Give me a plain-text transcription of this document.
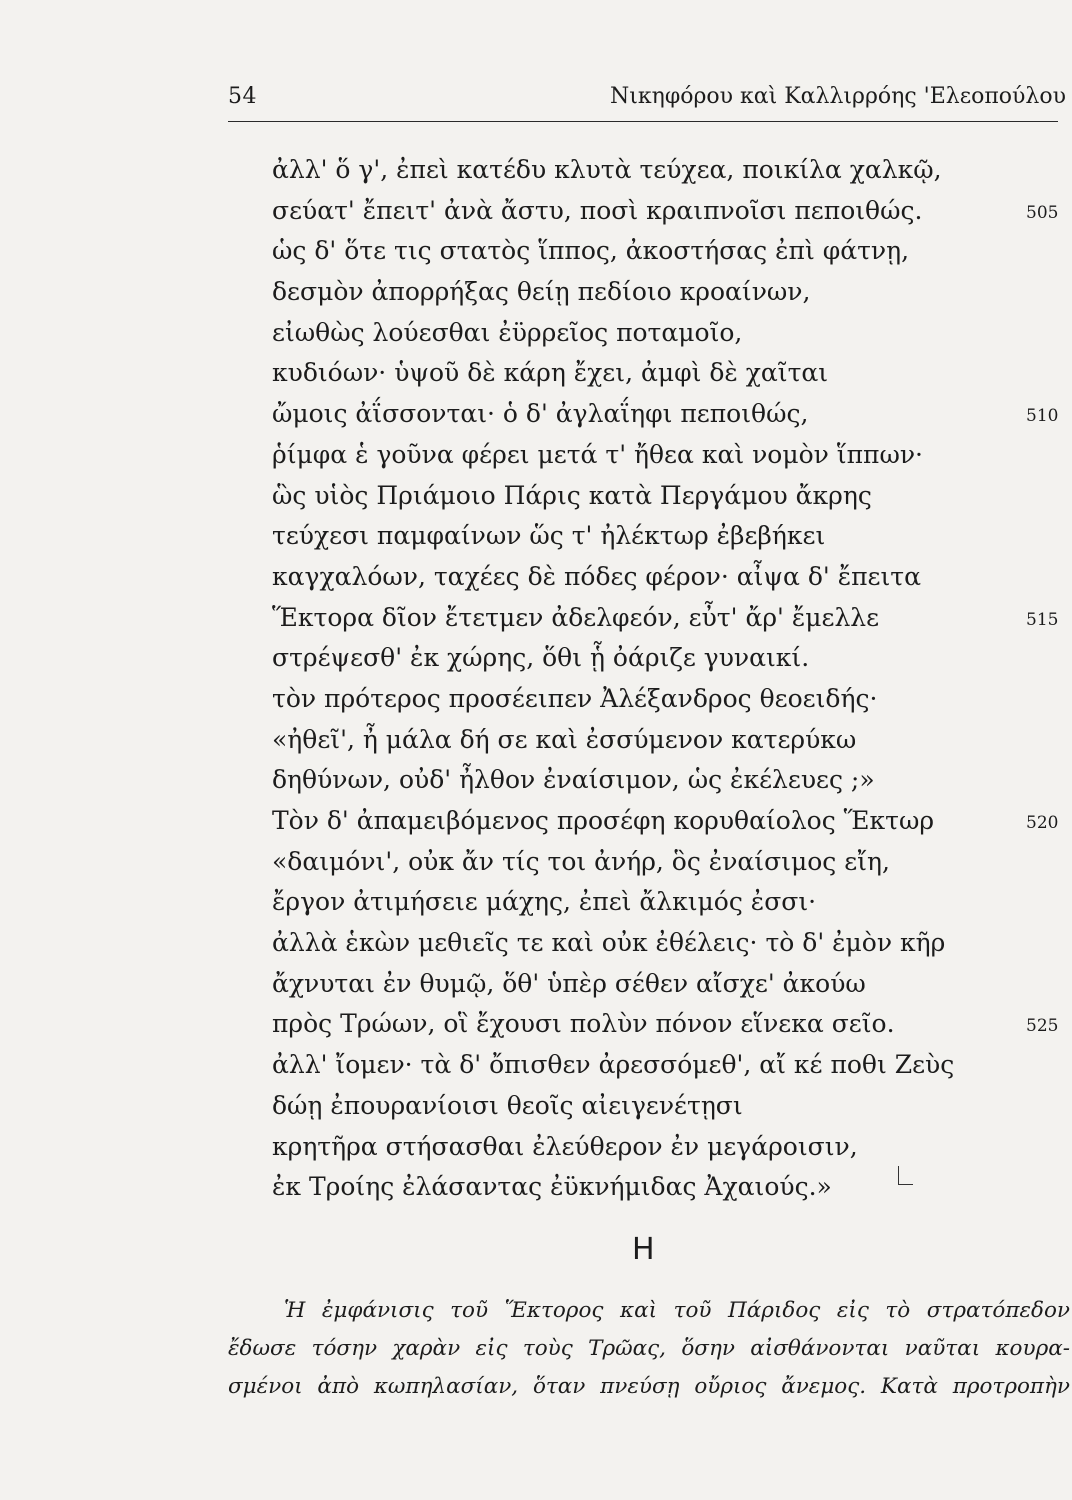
54	Νικηφόρου καὶ Καλλιρρόης 'Ελεοπούλου
ἀλλ' ὅ γ', ἐπεὶ κατέδυ κλυτὰ τεύχεα, ποικίλα χαλκῷ,
σεύατ' ἔπειτ' ἀνὰ ἄστυ, ποσὶ κραιπνοῖσι πεποιθώς.	505
ὡς δ' ὅτε τις στατὸς ἵππος, ἀκοστήσας ἐπὶ φάτνῃ,
δεσμὸν ἀπορρήξας θείῃ πεδίοιο κροαίνων,
εἰωθὼς λούεσθαι ἐϋρρεῖος ποταμοῖο,
κυδιόων· ὑψοῦ δὲ κάρη ἔχει, ἀμφὶ δὲ χαῖται
ὤμοις ἀΐσσονται· ὁ δ' ἀγλαΐηφι πεποιθώς,	510
ῥίμφα ἑ γοῦνα φέρει μετά τ' ἤθεα καὶ νομὸν ἵππων·
ὣς υἱὸς Πριάμοιο Πάρις κατὰ Περγάμου ἄκρης
τεύχεσι παμφαίνων ὥς τ' ἠλέκτωρ ἐβεβήκει
καγχαλόων, ταχέες δὲ πόδες φέρον· αἶψα δ' ἔπειτα
Ἕκτορα δῖον ἔτετμεν ἀδελφεόν, εὖτ' ἄρ' ἔμελλε	515
στρέψεσθ' ἐκ χώρης, ὅθι ᾗ ὀάριζε γυναικί.
τὸν πρότερος προσέειπεν Ἀλέξανδρος θεοειδής·
«ἠθεῖ', ἦ μάλα δή σε καὶ ἐσσύμενον κατερύκω
δηθύνων, οὐδ' ἦλθον ἐναίσιμον, ὡς ἐκέλευες ;»
Τὸν δ' ἀπαμειβόμενος προσέφη κορυθαίολος Ἕκτωρ	520
«δαιμόνι', οὐκ ἄν τίς τοι ἀνήρ, ὃς ἐναίσιμος εἴη,
ἔργον ἀτιμήσειε μάχης, ἐπεὶ ἄλκιμός ἐσσι·
ἀλλὰ ἑκὼν μεθιεῖς τε καὶ οὐκ ἐθέλεις· τὸ δ' ἐμὸν κῆρ
ἄχνυται ἐν θυμῷ, ὅθ' ὑπὲρ σέθεν αἴσχε' ἀκούω
πρὸς Τρώων, οἳ ἔχουσι πολὺν πόνον εἵνεκα σεῖο.	525
ἀλλ' ἴομεν· τὰ δ' ὄπισθεν ἀρεσσόμεθ', αἴ κέ ποθι Ζεὺς
δώῃ ἐπουρανίοισι θεοῖς αἰειγενέτῃσι
κρητῆρα στήσασθαι ἐλεύθερον ἐν μεγάροισιν,
ἐκ Τροίης ἐλάσαντας ἐϋκνήμιδας Ἀχαιούς.»
Η
Ἡ ἐμφάνισις τοῦ Ἕκτορος καὶ τοῦ Πάριδος εἰς τὸ στρατόπεδον
ἔδωσε τόσην χαρὰν εἰς τοὺς Τρῶας, ὅσην αἰσθάνονται ναῦται κουρα-
σμένοι ἀπὸ κωπηλασίαν, ὅταν πνεύσῃ οὔριος ἄνεμος. Κατὰ προτροπὴν
